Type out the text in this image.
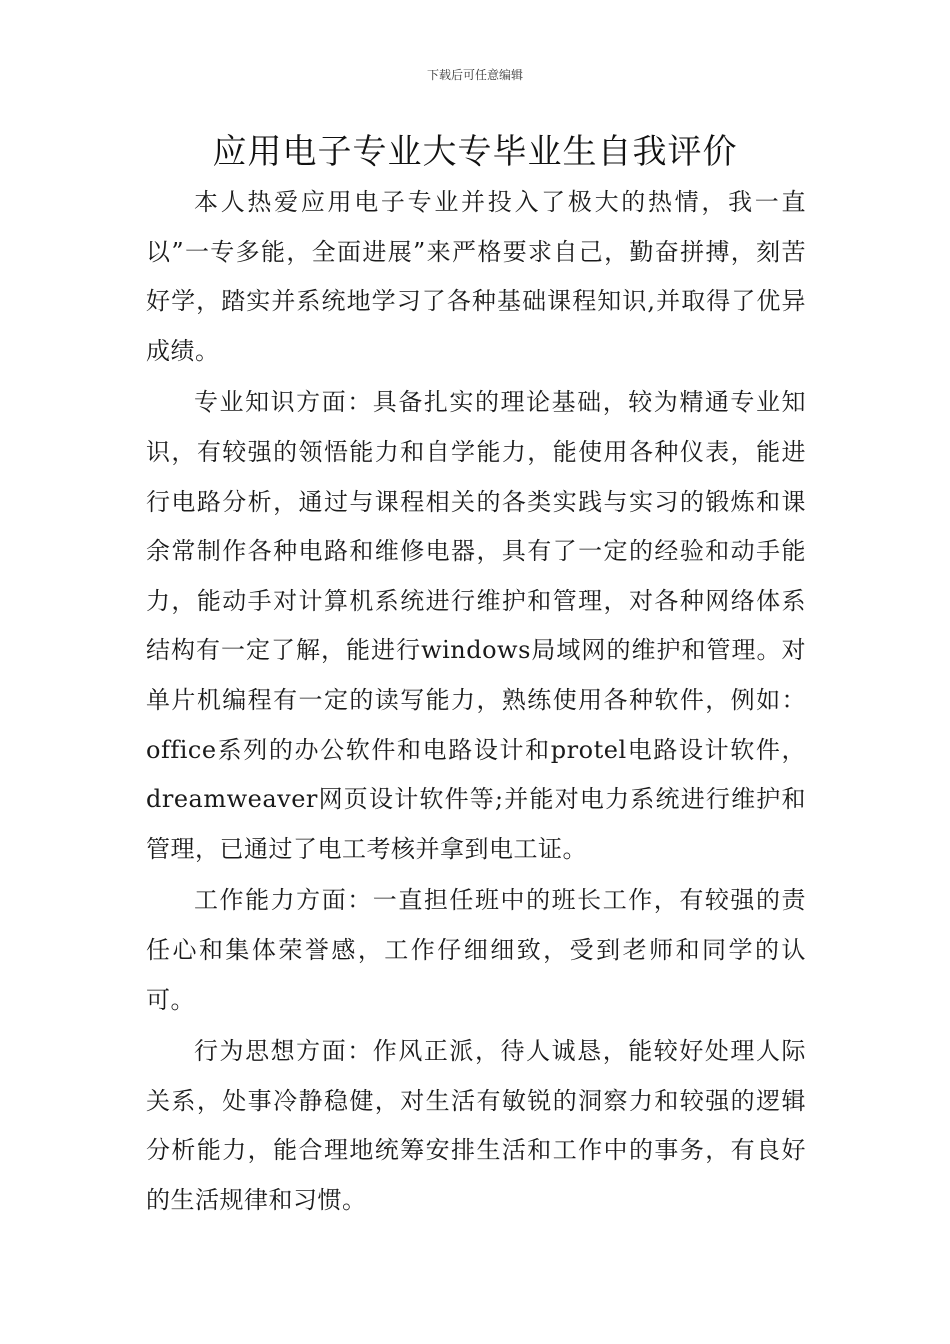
下载后可任意编辑
应用电子专业大专毕业生自我评价

本人热爱应用电子专业并投入了极大的热情，我一直以”一专多能，全面进展”来严格要求自己，勤奋拼搏，刻苦好学，踏实并系统地学习了各种基础课程知识,并取得了优异成绩。

专业知识方面：具备扎实的理论基础，较为精通专业知识，有较强的领悟能力和自学能力，能使用各种仪表，能进行电路分析，通过与课程相关的各类实践与实习的锻炼和课余常制作各种电路和维修电器，具有了一定的经验和动手能力，能动手对计算机系统进行维护和管理，对各种网络体系结构有一定了解，能进行windows局域网的维护和管理。对单片机编程有一定的读写能力，熟练使用各种软件，例如：office系列的办公软件和电路设计和protel电路设计软件，dreamweaver网页设计软件等;并能对电力系统进行维护和管理，已通过了电工考核并拿到电工证。

工作能力方面：一直担任班中的班长工作，有较强的责任心和集体荣誉感，工作仔细细致，受到老师和同学的认可。

行为思想方面：作风正派，待人诚恳，能较好处理人际关系，处事冷静稳健，对生活有敏锐的洞察力和较强的逻辑分析能力，能合理地统筹安排生活和工作中的事务，有良好的生活规律和习惯。
